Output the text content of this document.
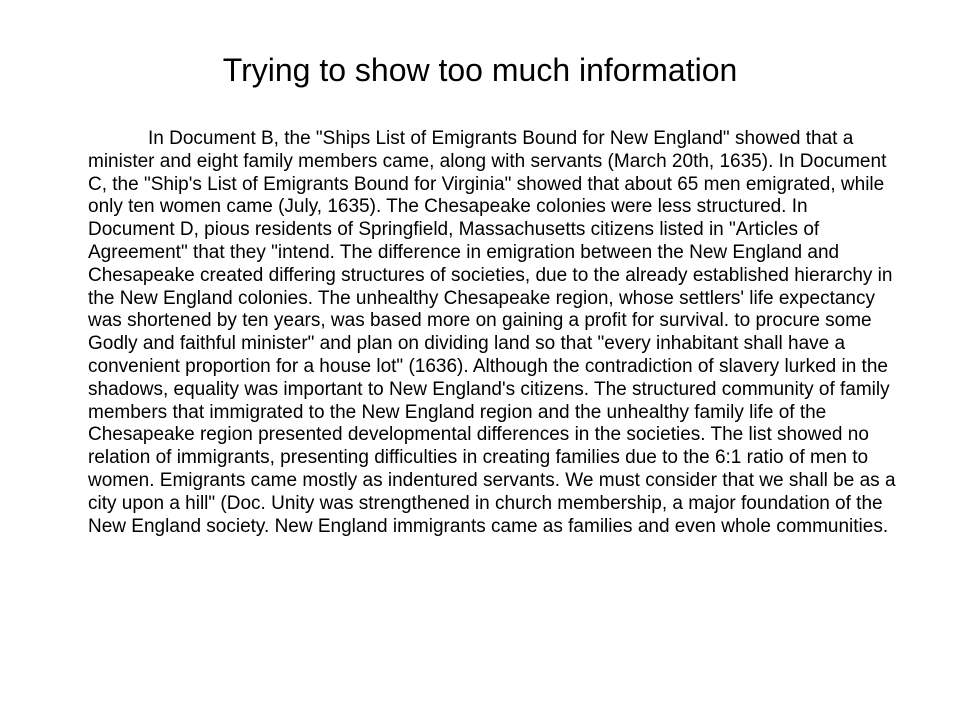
Trying to show too much information

In Document B, the "Ships List of Emigrants Bound for New England" showed that a minister and eight family members came, along with servants (March 20th, 1635). In Document C, the "Ship's List of Emigrants Bound for Virginia" showed that about 65 men emigrated, while only ten women came (July, 1635). The Chesapeake colonies were less structured. In Document D, pious residents of Springfield, Massachusetts citizens listed in "Articles of Agreement" that they "intend. The difference in emigration between the New England and Chesapeake created differing structures of societies, due to the already established hierarchy in the New England colonies. The unhealthy Chesapeake region, whose settlers' life expectancy was shortened by ten years, was based more on gaining a profit for survival. to procure some Godly and faithful minister" and plan on dividing land so that "every inhabitant shall have a convenient proportion for a house lot" (1636). Although the contradiction of slavery lurked in the shadows, equality was important to New England's citizens. The structured community of family members that immigrated to the New England region and the unhealthy family life of the Chesapeake region presented developmental differences in the societies. The list showed no relation of immigrants, presenting difficulties in creating families due to the 6:1 ratio of men to women. Emigrants came mostly as indentured servants. We must consider that we shall be as a city upon a hill" (Doc. Unity was strengthened in church membership, a major foundation of the New England society. New England immigrants came as families and even whole communities.
